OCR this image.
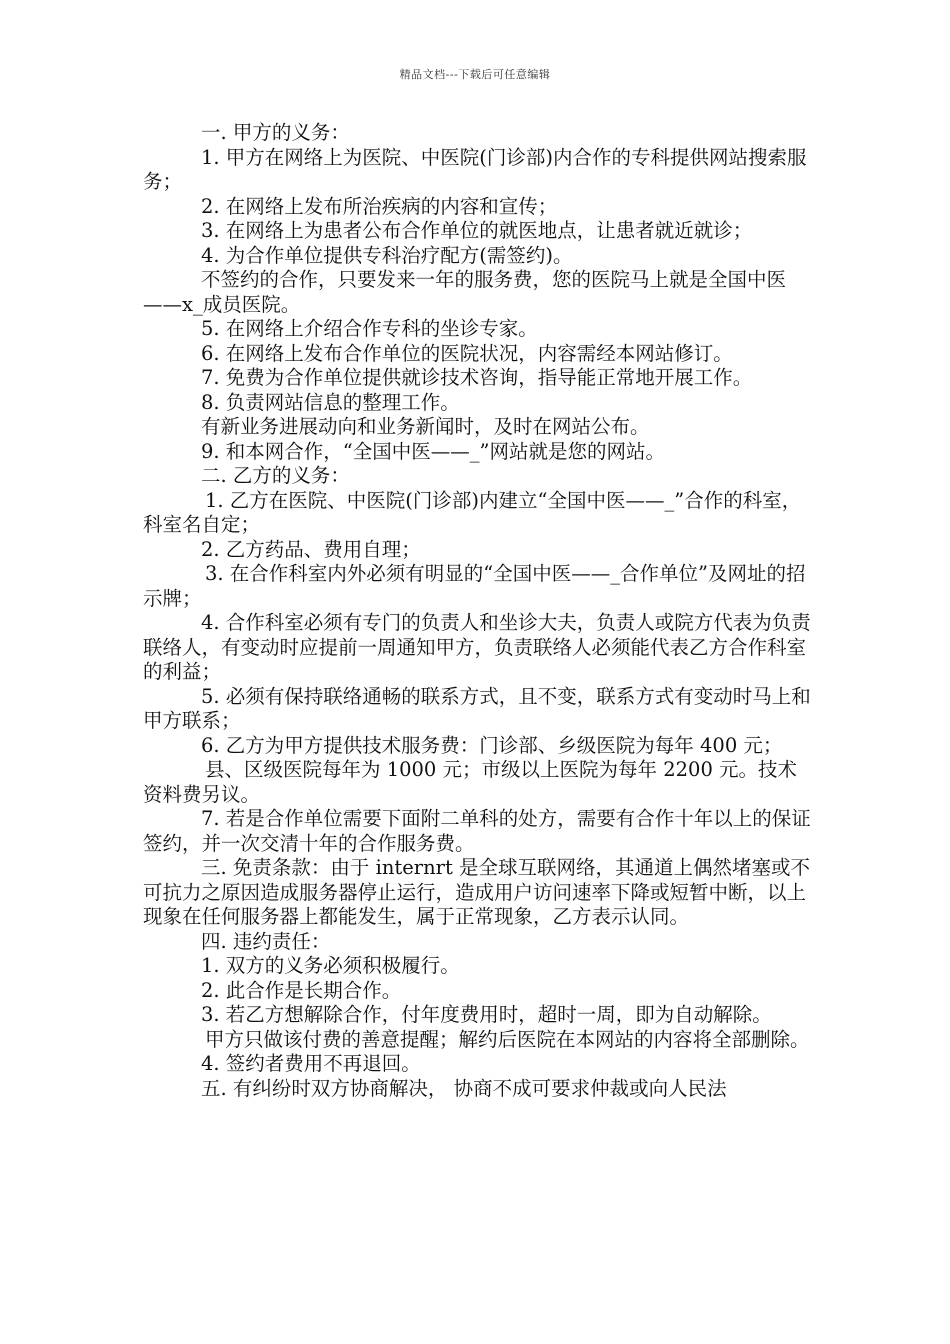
精品文档---下载后可任意编辑

一. 甲方的义务：

1. 甲方在网络上为医院、中医院(门诊部)内合作的专科提供网站搜索服务；

2. 在网络上发布所治疾病的内容和宣传；

3. 在网络上为患者公布合作单位的就医地点，让患者就近就诊；

4. 为合作单位提供专科治疗配方(需签约)。

不签约的合作，只要发来一年的服务费，您的医院马上就是全国中医——x_成员医院。

5. 在网络上介绍合作专科的坐诊专家。

6. 在网络上发布合作单位的医院状况，内容需经本网站修订。

7. 免费为合作单位提供就诊技术咨询，指导能正常地开展工作。

8. 负责网站信息的整理工作。

有新业务进展动向和业务新闻时，及时在网站公布。

9. 和本网合作，“全国中医——_”网站就是您的网站。

二. 乙方的义务：

1. 乙方在医院、中医院(门诊部)内建立“全国中医——_”合作的科室，科室名自定；

2. 乙方药品、费用自理；

3. 在合作科室内外必须有明显的“全国中医——_合作单位”及网址的招示牌；

4. 合作科室必须有专门的负责人和坐诊大夫，负责人或院方代表为负责联络人，有变动时应提前一周通知甲方，负责联络人必须能代表乙方合作科室的利益；

5. 必须有保持联络通畅的联系方式，且不变，联系方式有变动时马上和甲方联系；

6. 乙方为甲方提供技术服务费：门诊部、乡级医院为每年 400 元；

县、区级医院每年为 1000 元；市级以上医院为每年 2200 元。技术资料费另议。

7. 若是合作单位需要下面附二单科的处方，需要有合作十年以上的保证签约，并一次交清十年的合作服务费。

三. 免责条款：由于 internrt 是全球互联网络，其通道上偶然堵塞或不可抗力之原因造成服务器停止运行，造成用户访问速率下降或短暂中断，以上现象在任何服务器上都能发生，属于正常现象，乙方表示认同。

四. 违约责任：

1. 双方的义务必须积极履行。

2. 此合作是长期合作。

3. 若乙方想解除合作，付年度费用时，超时一周，即为自动解除。

甲方只做该付费的善意提醒；解约后医院在本网站的内容将全部删除。

4. 签约者费用不再退回。

五. 有纠纷时双方协商解决， 协商不成可要求仲裁或向人民法
